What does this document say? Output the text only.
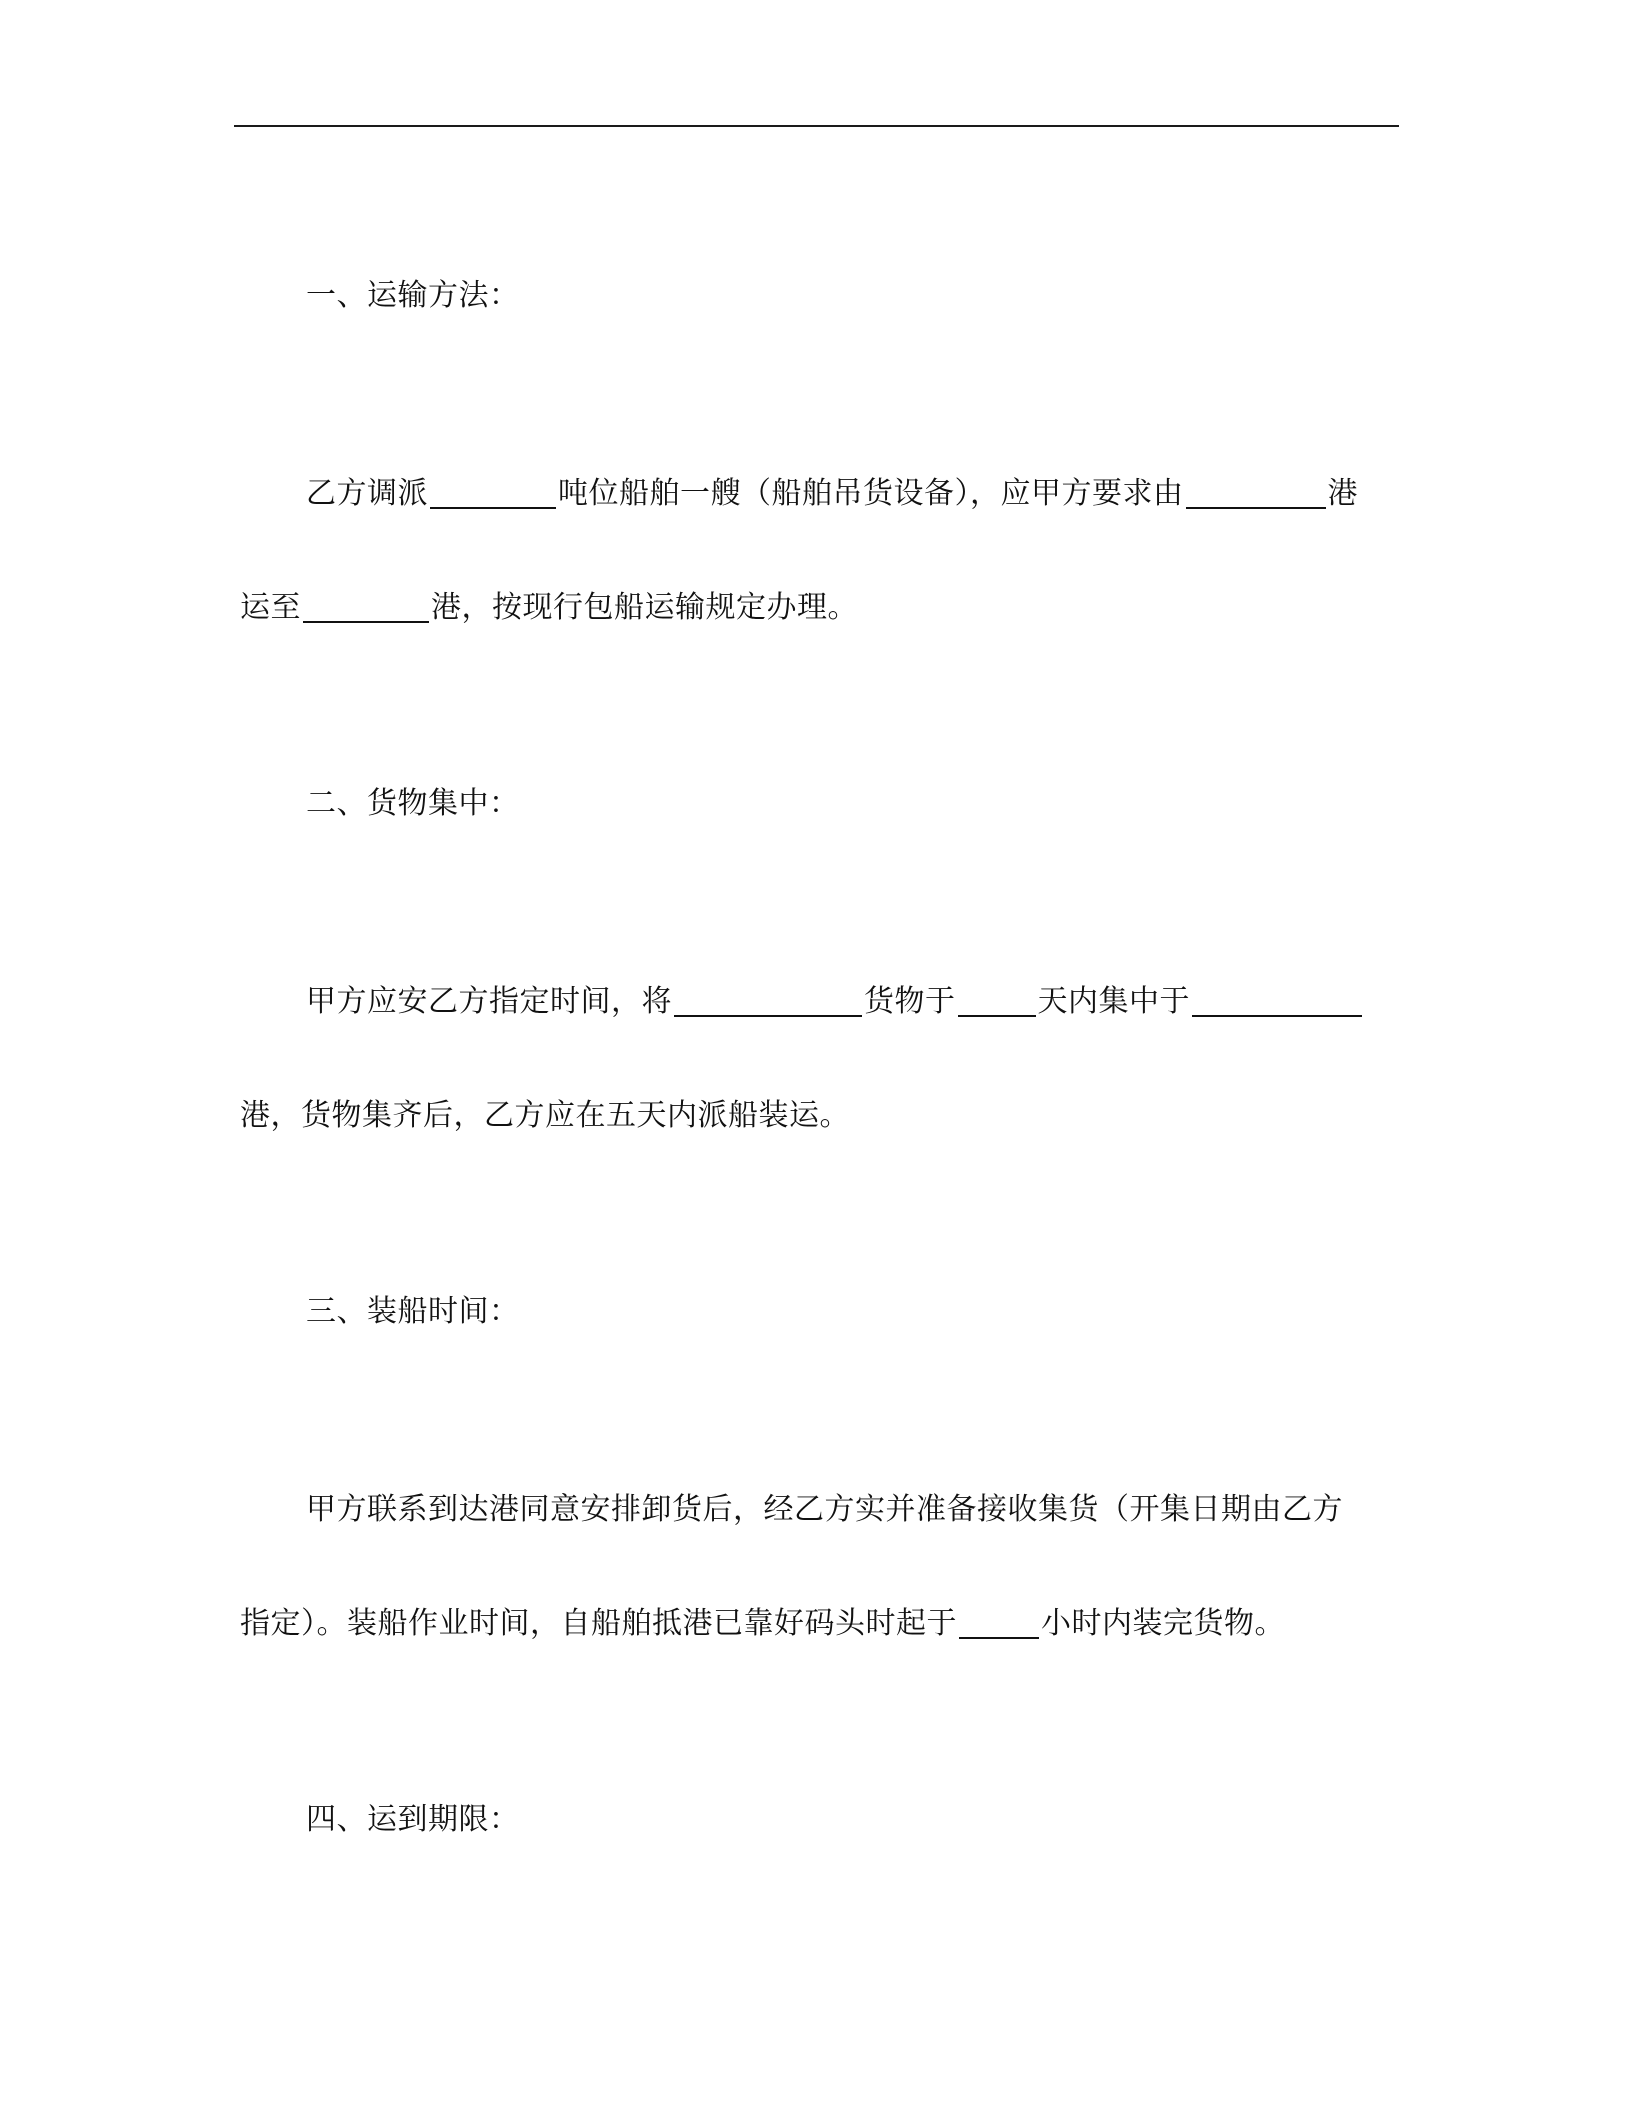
一、运输方法：
乙方调派	吨位船舶一艘（船舶吊货设备），应甲方要求由	港
运至	港，按现行包船运输规定办理。
二、货物集中：
甲方应安乙方指定时间，将	货物于	天内集中于
港，货物集齐后，乙方应在五天内派船装运。
三、装船时间：
甲方联系到达港同意安排卸货后，经乙方实并准备接收集货（开集日期由乙方
指定）。装船作业时间，自船舶抵港已靠好码头时起于	小时内装完货物。
四、运到期限：
